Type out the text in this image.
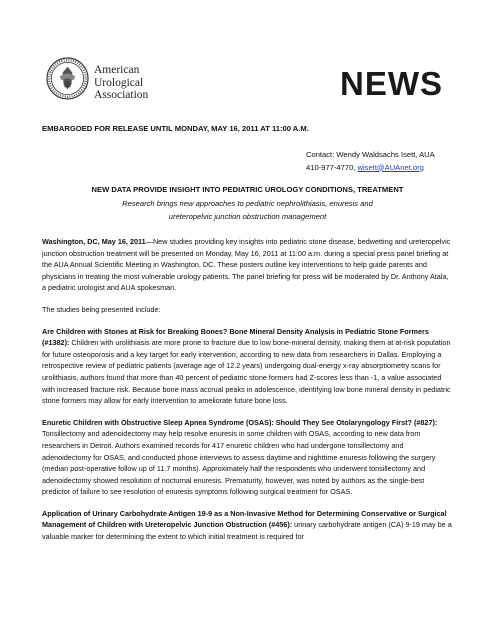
American
Urological
Association	NEWS
EMBARGOED FOR RELEASE UNTIL MONDAY, MAY 16, 2011 AT 11:00 A.M.
Contact: Wendy Waldsachs Isett, AUA
410-977-4770, wisett@AUAnet.org
NEW DATA PROVIDE INSIGHT INTO PEDIATRIC UROLOGY CONDITIONS, TREATMENT
Research brings new approaches to pediatric nephrolithiasis, enuresis and
ureteropelvic junction obstruction management

Washington, DC, May 16, 2011—New studies providing key insights into pediatric stone disease, bedwetting and ureteropelvic junction obstruction treatment will be presented on Monday, May 16, 2011 at 11:00 a.m. during a special press panel briefing at the AUA Annual Scientific Meeting in Washington, DC. These posters outline key interventions to help guide parents and physicians in treating the most vulnerable urology patients. The panel briefing for press will be moderated by Dr. Anthony Atala, a pediatric urologist and AUA spokesman.

The studies being presented include:

Are Children with Stones at Risk for Breaking Bones? Bone Mineral Density Analysis in Pediatric Stone Formers (#1382): Children with urolithiasis are more prone to fracture due to low bone-mineral density, making them at at-risk population for future osteoporosis and a key target for early intervention, according to new data from researchers in Dallas. Employing a retrospective review of pediatric patients (average age of 12.2 years) undergoing dual-energy x-ray absorptiometry scans for urolithiasis, authors found that more than 40 percent of pediatric stone formers had Z-scores less than -1, a value associated with increased fracture risk. Because bone mass accrual peaks in adolescence, identifying low bone mineral density in pediatric stone formers may allow for early intervention to ameliorate future bone loss.

Enuretic Children with Obstructive Sleep Apnea Syndrome (OSAS): Should They See Otolaryngology First? (#827): Tonsillectomy and adenoidectomy may help resolve enuresis in some children with OSAS, according to new data from researchers in Detroit. Authors examined records for 417 enuretic children who had undergone tonsillectomy and adenoidectomy for OSAS, and conducted phone interviews to assess daytime and nighttime enuresis following the surgery (median post-operative follow up of 11.7 months). Approximately half the respondents who underwent tonsillectomy and adenoidectomy showed resolution of nocturnal enuresis. Prematurity, however, was noted by authors as the single-best predictor of failure to see resolution of enuresis symptoms following surgical treatment for OSAS.

Application of Urinary Carbohydrate Antigen 19-9 as a Non-Invasive Method for Determining Conservative or Surgical Management of Children with Ureteropelvic Junction Obstruction (#456): urinary carbohydrate antigen (CA) 9-19 may be a valuable marker for determining the extent to which initial treatment is required for
